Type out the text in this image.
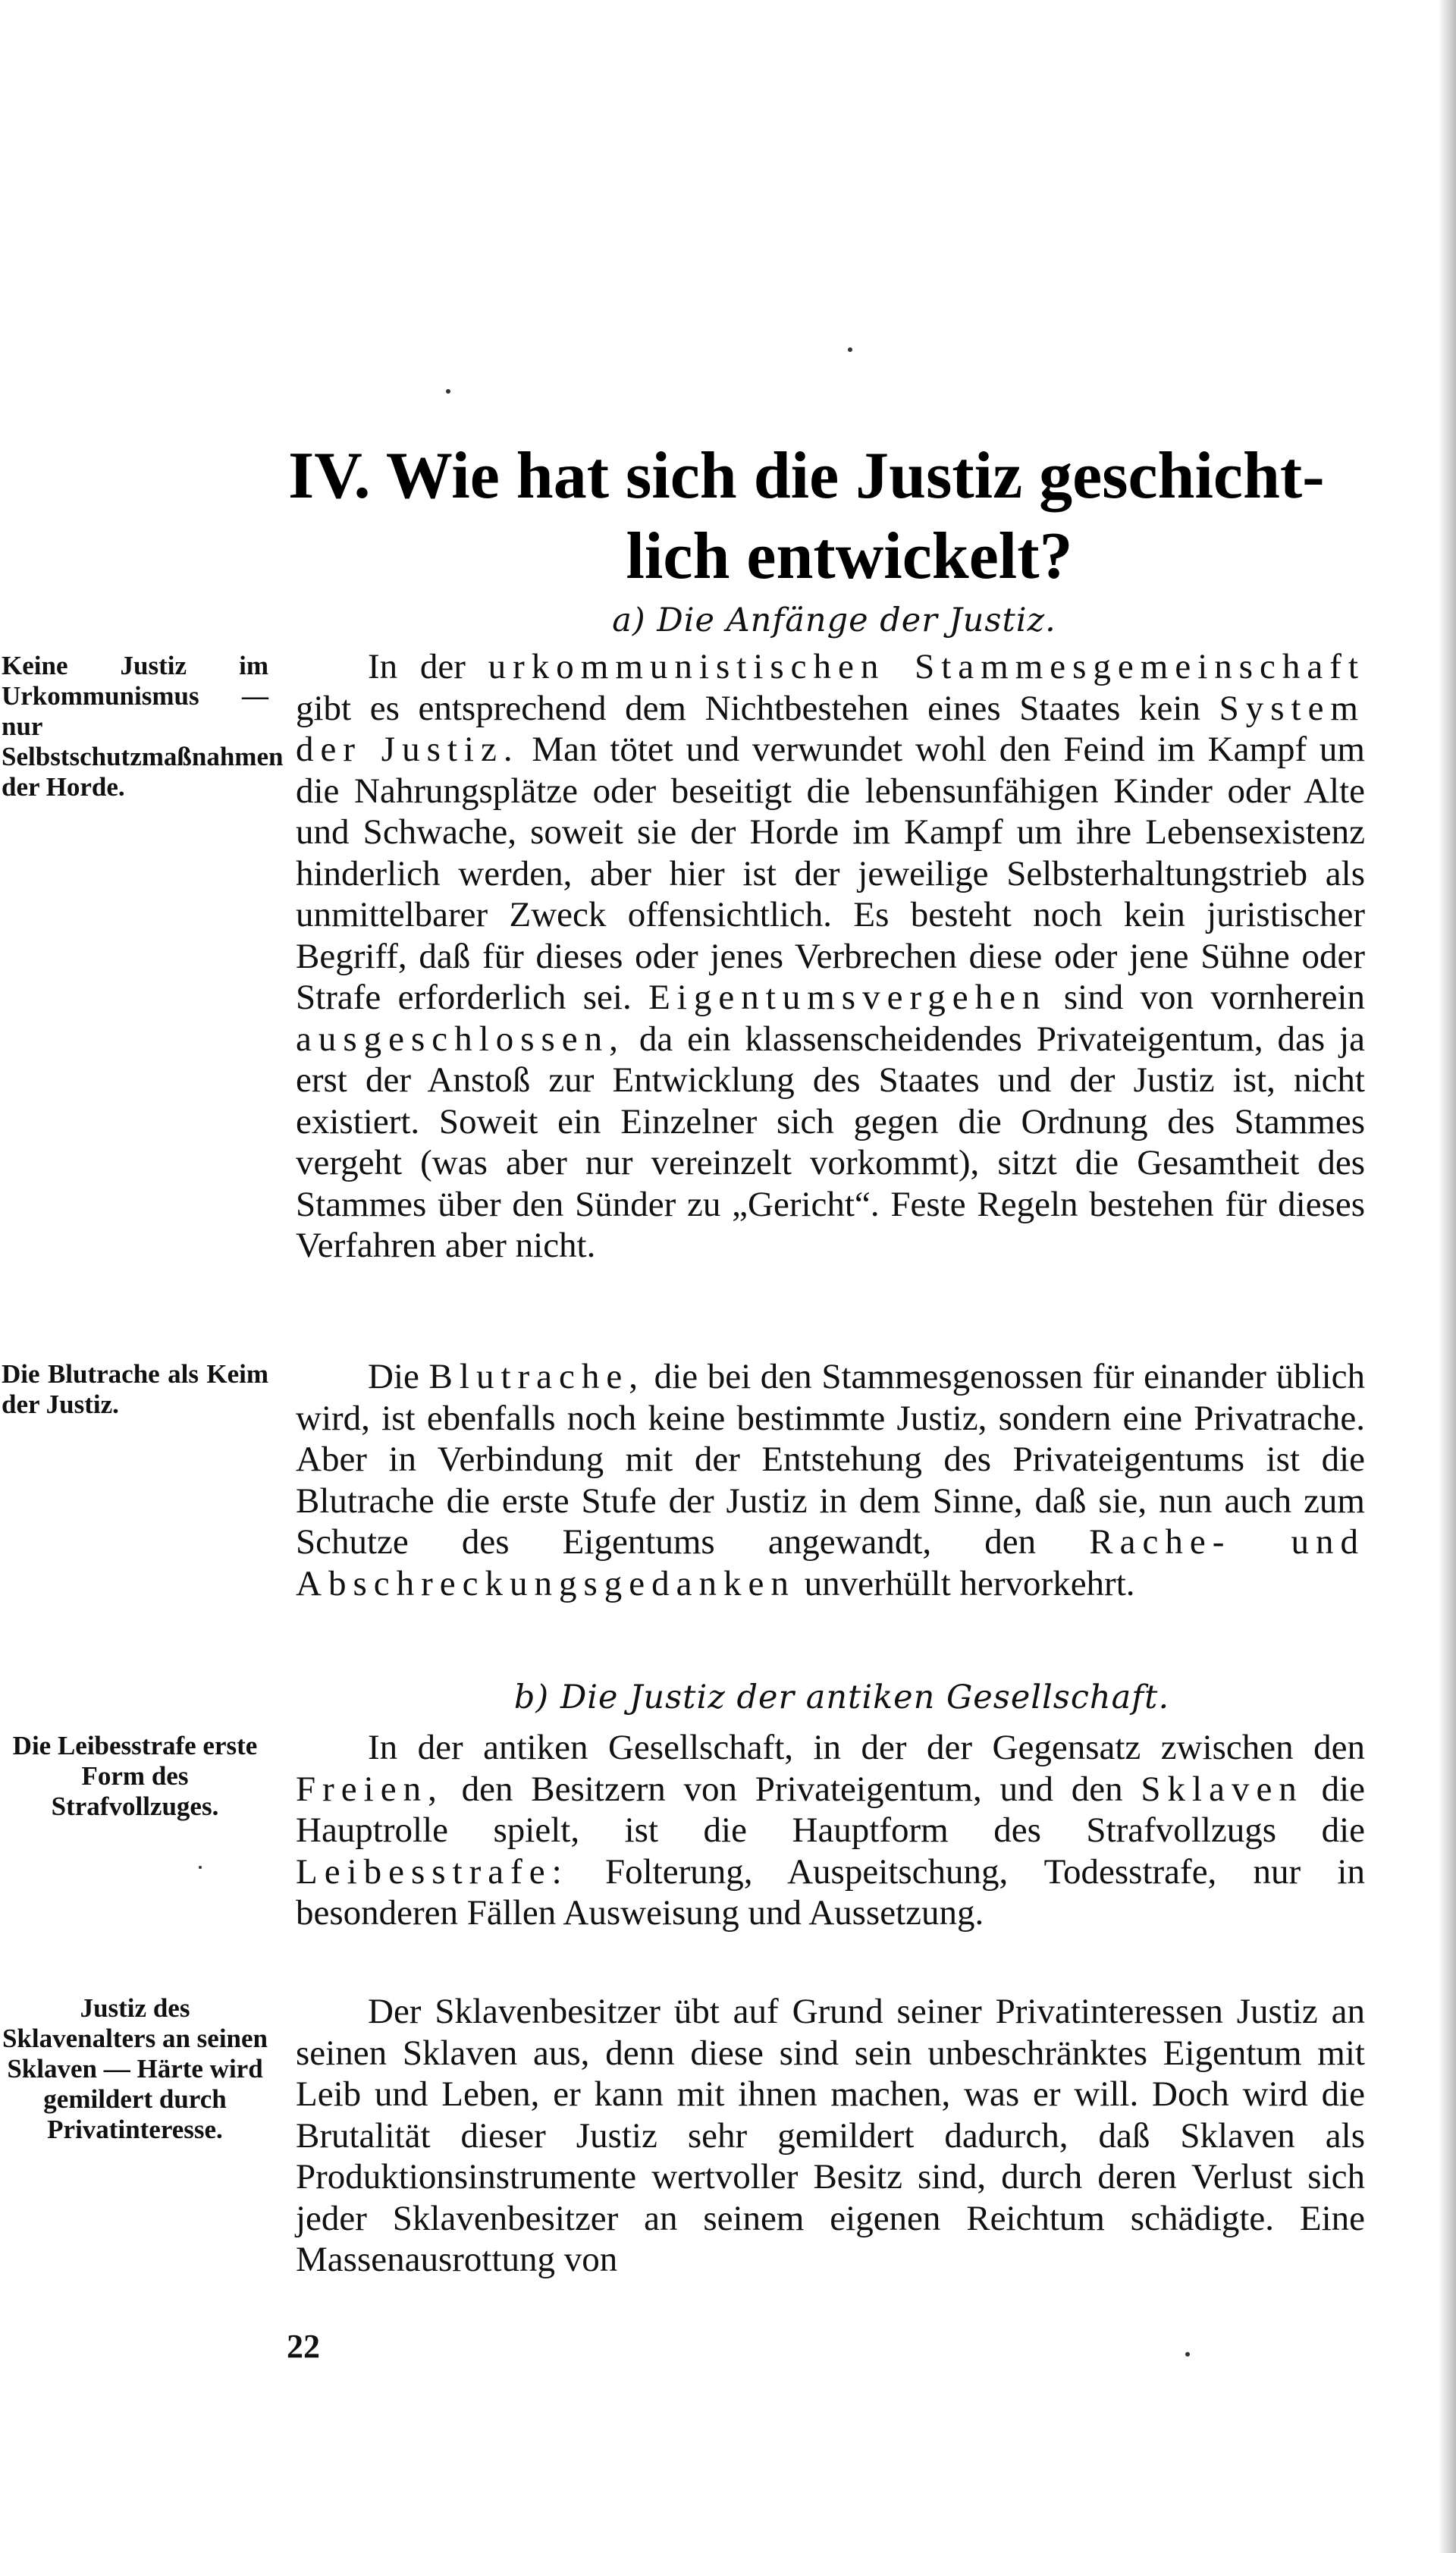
IV. Wie hat sich die Justiz geschicht-
lich entwickelt?
a) Die Anfänge der Justiz.
Keine Justiz im Urkommunismus — nur Selbstschutzmaßnahmen der Horde.
In der urkommunistischen Stammesgemeinschaft gibt es entsprechend dem Nichtbestehen eines Staates kein System der Justiz. Man tötet und verwundet wohl den Feind im Kampf um die Nahrungsplätze oder beseitigt die lebensunfähigen Kinder oder Alte und Schwache, soweit sie der Horde im Kampf um ihre Lebensexistenz hinderlich werden, aber hier ist der jeweilige Selbsterhaltungstrieb als unmittelbarer Zweck offensichtlich. Es besteht noch kein juristischer Begriff, daß für dieses oder jenes Verbrechen diese oder jene Sühne oder Strafe erforderlich sei. Eigentumsvergehen sind von vornherein ausgeschlossen, da ein klassenscheidendes Privateigentum, das ja erst der Anstoß zur Entwicklung des Staates und der Justiz ist, nicht existiert. Soweit ein Einzelner sich gegen die Ordnung des Stammes vergeht (was aber nur vereinzelt vorkommt), sitzt die Gesamtheit des Stammes über den Sünder zu „Gericht“. Feste Regeln bestehen für dieses Verfahren aber nicht.
Die Blutrache als Keim der Justiz.
Die Blutrache, die bei den Stammesgenossen für einander üblich wird, ist ebenfalls noch keine bestimmte Justiz, sondern eine Privatrache. Aber in Verbindung mit der Entstehung des Privateigentums ist die Blutrache die erste Stufe der Justiz in dem Sinne, daß sie, nun auch zum Schutze des Eigentums angewandt, den Rache- und Abschreckungsgedanken unverhüllt hervorkehrt.
b) Die Justiz der antiken Gesellschaft.
Die Leibesstrafe erste Form des Strafvollzuges.
In der antiken Gesellschaft, in der der Gegensatz zwischen den Freien, den Besitzern von Privateigentum, und den Sklaven die Hauptrolle spielt, ist die Hauptform des Strafvollzugs die Leibesstrafe: Folterung, Auspeitschung, Todesstrafe, nur in besonderen Fällen Ausweisung und Aussetzung.
Justiz des Sklavenalters an seinen Sklaven — Härte wird gemildert durch Privatinteresse.
Der Sklavenbesitzer übt auf Grund seiner Privatinteressen Justiz an seinen Sklaven aus, denn diese sind sein unbeschränktes Eigentum mit Leib und Leben, er kann mit ihnen machen, was er will. Doch wird die Brutalität dieser Justiz sehr gemildert dadurch, daß Sklaven als Produktionsinstrumente wertvoller Besitz sind, durch deren Verlust sich jeder Sklavenbesitzer an seinem eigenen Reichtum schädigte. Eine Massenausrottung von
22
